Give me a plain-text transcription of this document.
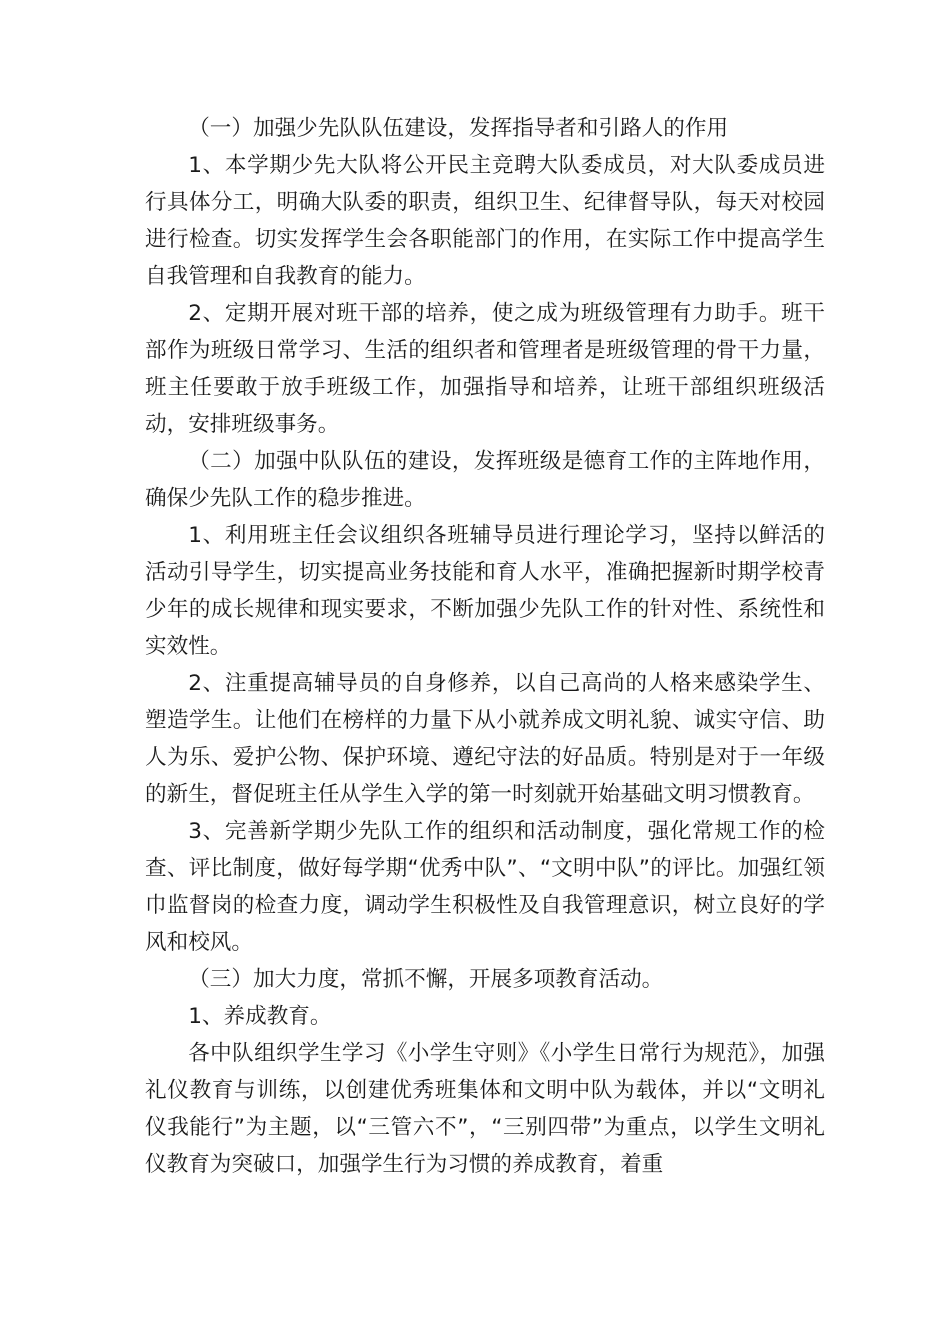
（一）加强少先队队伍建设，发挥指导者和引路人的作用

1、本学期少先大队将公开民主竞聘大队委成员，对大队委成员进行具体分工，明确大队委的职责，组织卫生、纪律督导队，每天对校园进行检查。切实发挥学生会各职能部门的作用，在实际工作中提高学生自我管理和自我教育的能力。

2、定期开展对班干部的培养，使之成为班级管理有力助手。班干部作为班级日常学习、生活的组织者和管理者是班级管理的骨干力量，班主任要敢于放手班级工作，加强指导和培养，让班干部组织班级活动，安排班级事务。

（二）加强中队队伍的建设，发挥班级是德育工作的主阵地作用，确保少先队工作的稳步推进。

1、利用班主任会议组织各班辅导员进行理论学习，坚持以鲜活的活动引导学生，切实提高业务技能和育人水平，准确把握新时期学校青少年的成长规律和现实要求，不断加强少先队工作的针对性、系统性和实效性。

2、注重提高辅导员的自身修养，以自己高尚的人格来感染学生、塑造学生。让他们在榜样的力量下从小就养成文明礼貌、诚实守信、助人为乐、爱护公物、保护环境、遵纪守法的好品质。特别是对于一年级的新生，督促班主任从学生入学的第一时刻就开始基础文明习惯教育。

3、完善新学期少先队工作的组织和活动制度，强化常规工作的检查、评比制度，做好每学期“优秀中队”、“文明中队”的评比。加强红领巾监督岗的检查力度，调动学生积极性及自我管理意识，树立良好的学风和校风。

（三）加大力度，常抓不懈，开展多项教育活动。

1、养成教育。

各中队组织学生学习《小学生守则》《小学生日常行为规范》，加强礼仪教育与训练，以创建优秀班集体和文明中队为载体，并以“文明礼仪我能行”为主题，以“三管六不”，“三别四带”为重点，以学生文明礼仪教育为突破口，加强学生行为习惯的养成教育，着重
